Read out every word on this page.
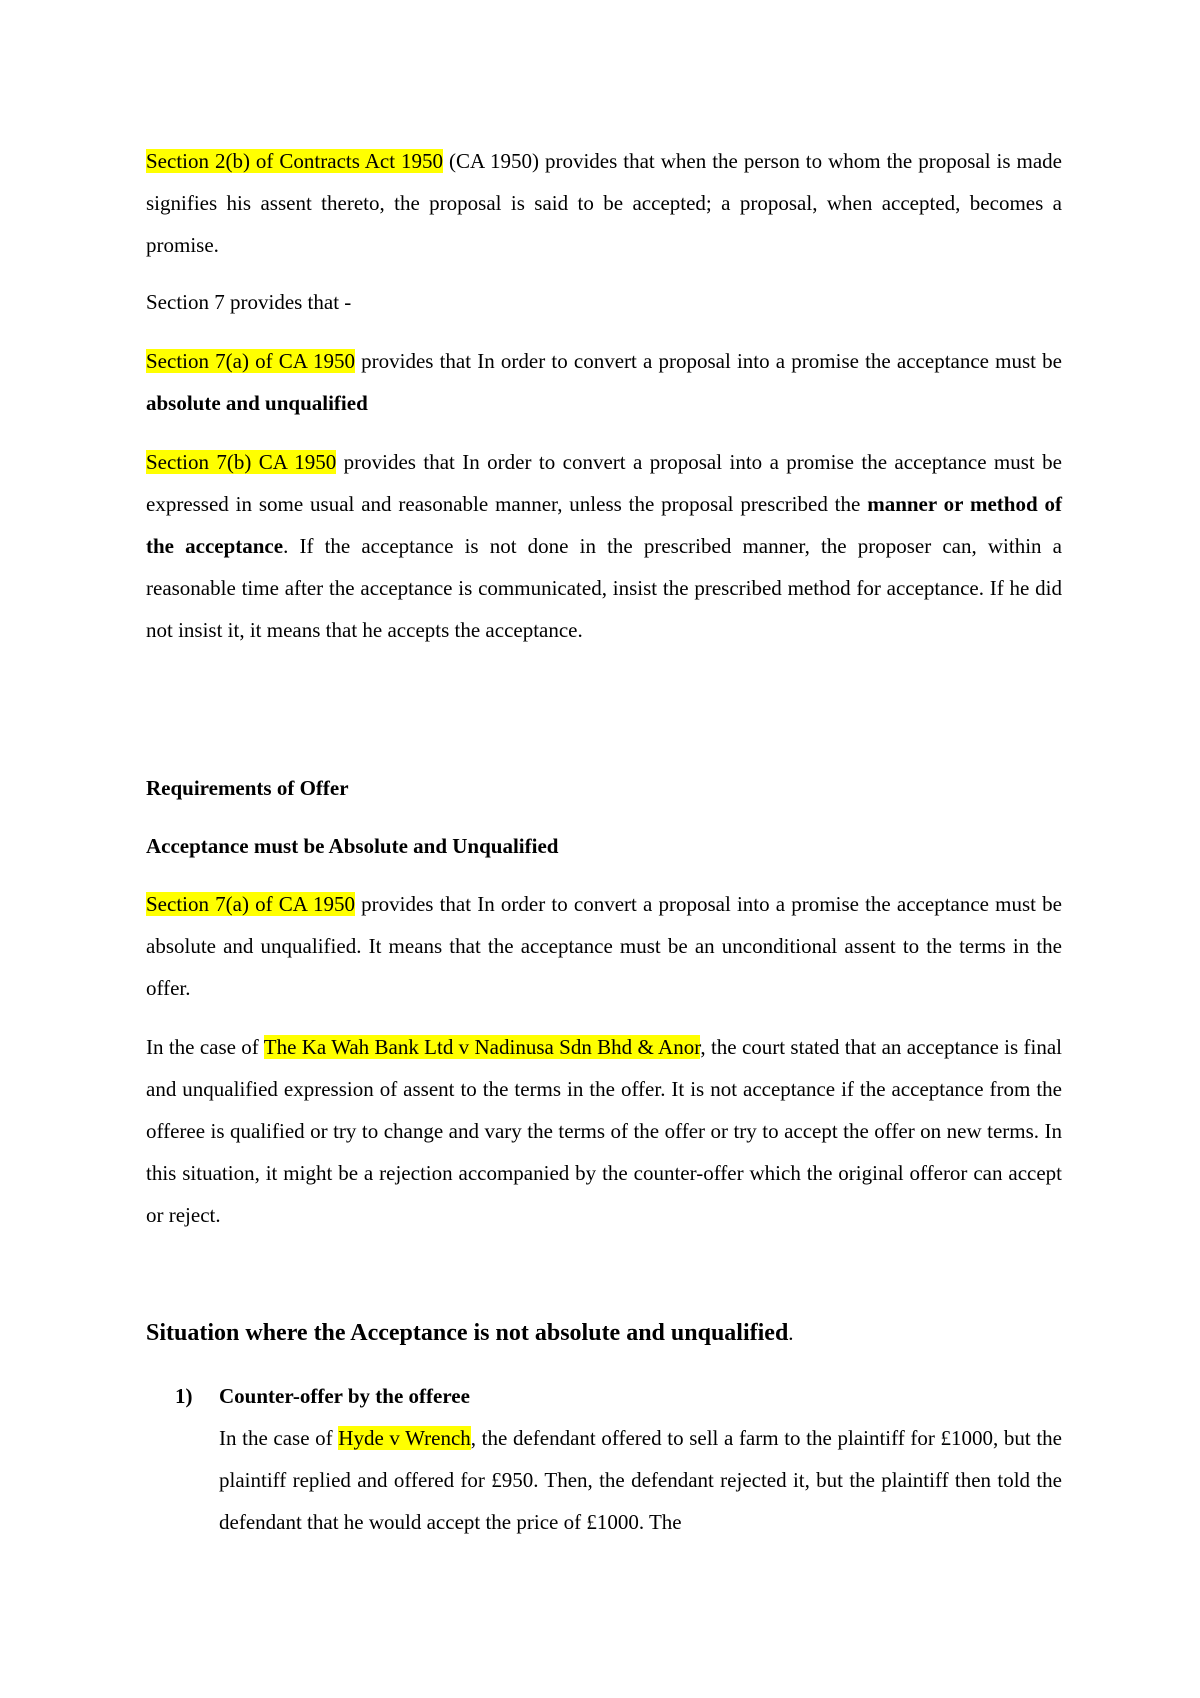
Section 2(b) of Contracts Act 1950 (CA 1950) provides that when the person to whom the proposal is made signifies his assent thereto, the proposal is said to be accepted; a proposal, when accepted, becomes a promise.

Section 7 provides that -

Section 7(a) of CA 1950 provides that In order to convert a proposal into a promise the acceptance must be absolute and unqualified

Section 7(b) CA 1950 provides that In order to convert a proposal into a promise the acceptance must be expressed in some usual and reasonable manner, unless the proposal prescribed the manner or method of the acceptance. If the acceptance is not done in the prescribed manner, the proposer can, within a reasonable time after the acceptance is communicated, insist the prescribed method for acceptance. If he did not insist it, it means that he accepts the acceptance.

Requirements of Offer

Acceptance must be Absolute and Unqualified

Section 7(a) of CA 1950 provides that In order to convert a proposal into a promise the acceptance must be absolute and unqualified. It means that the acceptance must be an unconditional assent to the terms in the offer.

In the case of The Ka Wah Bank Ltd v Nadinusa Sdn Bhd & Anor, the court stated that an acceptance is final and unqualified expression of assent to the terms in the offer. It is not acceptance if the acceptance from the offeree is qualified or try to change and vary the terms of the offer or try to accept the offer on new terms. In this situation, it might be a rejection accompanied by the counter-offer which the original offeror can accept or reject.

Situation where the Acceptance is not absolute and unqualified.

1) Counter-offer by the offeree

In the case of Hyde v Wrench, the defendant offered to sell a farm to the plaintiff for £1000, but the plaintiff replied and offered for £950. Then, the defendant rejected it, but the plaintiff then told the defendant that he would accept the price of £1000. The
